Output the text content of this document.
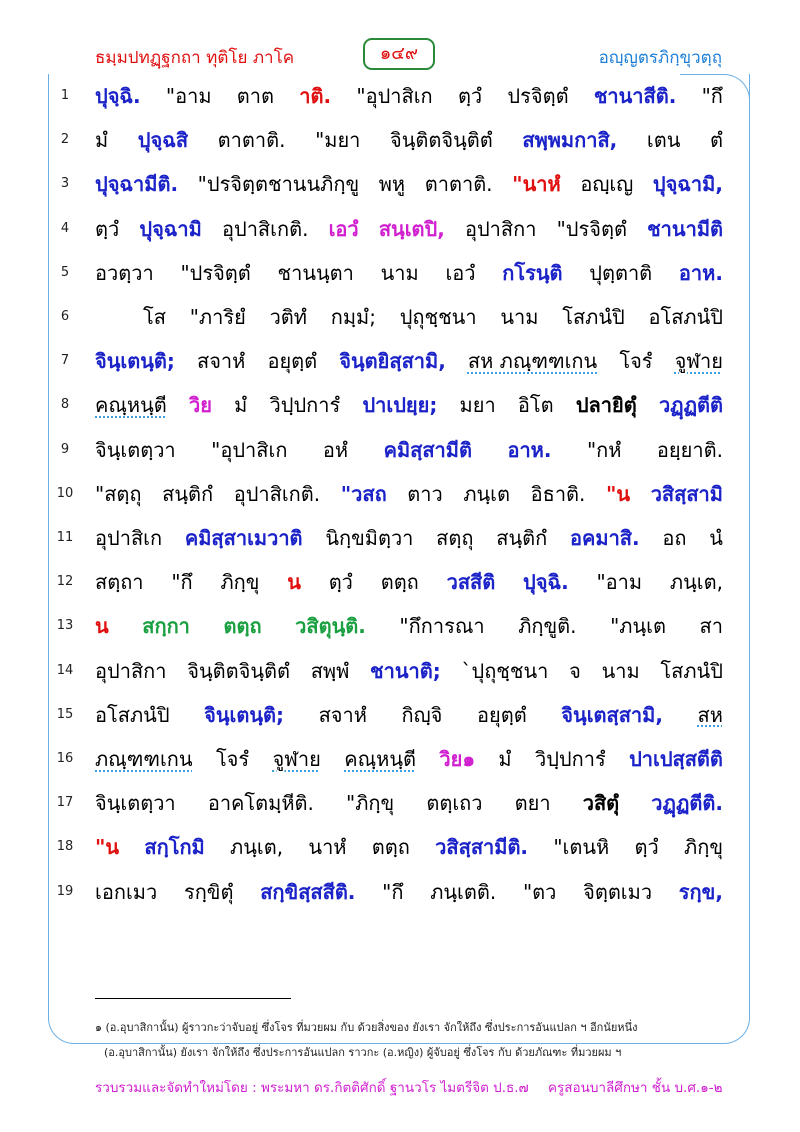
ธมฺมปทฏฺฐกถา ทุติโย ภาโค	๑๔๙	อญฺญตรภิกฺขุวตฺถุ
1	ปุจฺฉิ. "อาม ตาต าติ. "อุปาสิเก ตฺวํ ปรจิตฺตํ ชานาสีติ. "กึ
2	มํ ปุจฺฉสิ ตาตาติ. "มยา จินฺติตจินฺติตํ สพฺพมกาสิ, เตน ตํ
3	ปุจฺฉามีติ. "ปรจิตฺตชานนภิกฺขู พหู ตาตาติ. "นาหํ อญฺเญ ปุจฺฉามิ,
4	ตฺวํ ปุจฺฉามิ อุปาสิเกติ. เอวํ สนฺเตปิ, อุปาสิกา "ปรจิตฺตํ ชานามีติ
5	อวตฺวา "ปรจิตฺตํ ชานนฺตา นาม เอวํ กโรนฺติ ปุตฺตาติ อาห.
6	โส "ภาริยํ วติทํ กมฺมํ; ปุถุชฺชนา นาม โสภนํปิ อโสภนํปิ
7	จินฺเตนฺติ; สจาหํ อยุตฺตํ จินฺตยิสฺสามิ, สห ภณฺฑฑเกน โจรํ จูฬาย
8	คณฺหนฺตี วิย มํ วิปฺปการํ ปาเปยฺย; มยา อิโต ปลายิตุํ วฏฺฏตีติ
9	จินฺเตตฺวา "อุปาสิเก อหํ คมิสฺสามีติ อาห. "กหํ อยฺยาติ.
10	"สตฺถุ สนฺติกํ อุปาสิเกติ. "วสถ ตาว ภนฺเต อิธาติ. "น วสิสฺสามิ
11	อุปาสิเก คมิสฺสาเมวาติ นิกฺขมิตฺวา สตฺถุ สนฺติกํ อคมาสิ. อถ นํ
12	สตฺถา "กึ ภิกฺขุ น ตฺวํ ตตฺถ วสสีติ ปุจฺฉิ. "อาม ภนฺเต,
13	น สกฺกา ตตฺถ วสิตุนฺติ. "กึการณา ภิกฺขูติ. "ภนฺเต สา
14	อุปาสิกา จินฺติตจินฺติตํ สพฺพํ ชานาติ; `ปุถุชฺชนา จ นาม โสภนํปิ
15	อโสภนํปิ จินฺเตนฺติ; สจาหํ กิญฺจิ อยุตฺตํ จินฺเตสฺสามิ, สห
16	ภณฺฑฑเกน โจรํ จูฬาย คณฺหนฺตี วิย๑ มํ วิปฺปการํ ปาเปสฺสตีติ
17	จินฺเตตฺวา อาคโตมฺหีติ. "ภิกฺขุ ตตฺเถว ตยา วสิตุํ วฏฺฏตีติ.
18	"น สกฺโกมิ ภนฺเต, นาหํ ตตฺถ วสิสฺสามีติ. "เตนหิ ตฺวํ ภิกฺขุ
19	เอกเมว รกฺขิตุํ สกฺขิสฺสสีติ. "กึ ภนฺเตติ. "ตว จิตฺตเมว รกฺข,
๑ (อ.อุบาสิกานั้น) ผู้ราวกะว่าจับอยู่ ซึ่งโจร ที่มวยผม กับ ด้วยสิ่งของ ยังเรา จักให้ถึง ซึ่งประการอันแปลก ฯ อีกนัยหนึ่ง
(อ.อุบาสิกานั้น) ยังเรา จักให้ถึง ซึ่งประการอันแปลก ราวกะ (อ.หญิง) ผู้จับอยู่ ซึ่งโจร กับ ด้วยภัณฑะ ที่มวยผม ฯ
รวบรวมและจัดทำใหม่โดย : พระมหา ดร.กิตติศักดิ์ ฐานวโร ไมตรีจิต ป.ธ.๗ ครูสอนบาลีศึกษา ชั้น บ.ศ.๑-๒
